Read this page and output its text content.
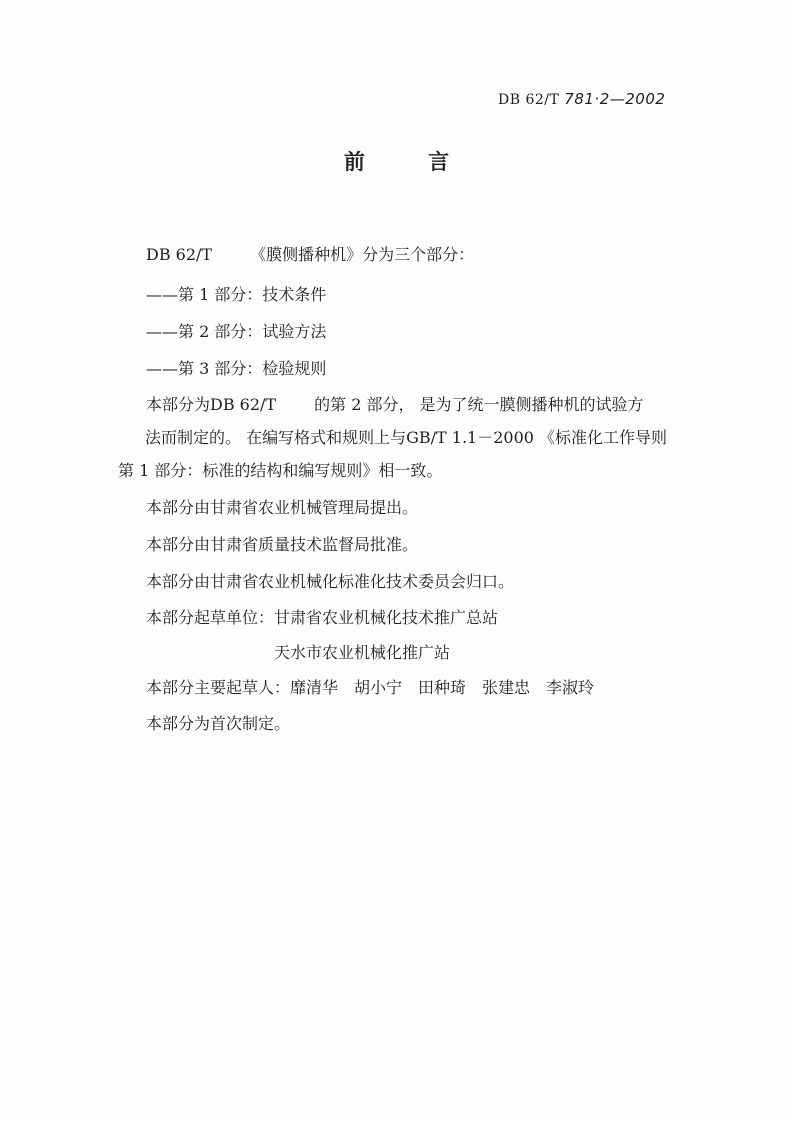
DB 62/T 781·2—2002
前 言
DB 62/T 《膜侧播种机》分为三个部分：
——第 1 部分：技术条件
——第 2 部分：试验方法
——第 3 部分：检验规则
本部分为DB 62/T 的第 2 部分， 是为了统一膜侧播种机的试验方
法而制定的。 在编写格式和规则上与GB/T 1.1－2000 《标准化工作导则
第 1 部分：标准的结构和编写规则》相一致。
本部分由甘肃省农业机械管理局提出。
本部分由甘肃省质量技术监督局批准。
本部分由甘肃省农业机械化标准化技术委员会归口。
本部分起草单位：甘肃省农业机械化技术推广总站
天水市农业机械化推广站
本部分主要起草人：靡清华　胡小宁　田种琦　张建忠　李淑玲
本部分为首次制定。
